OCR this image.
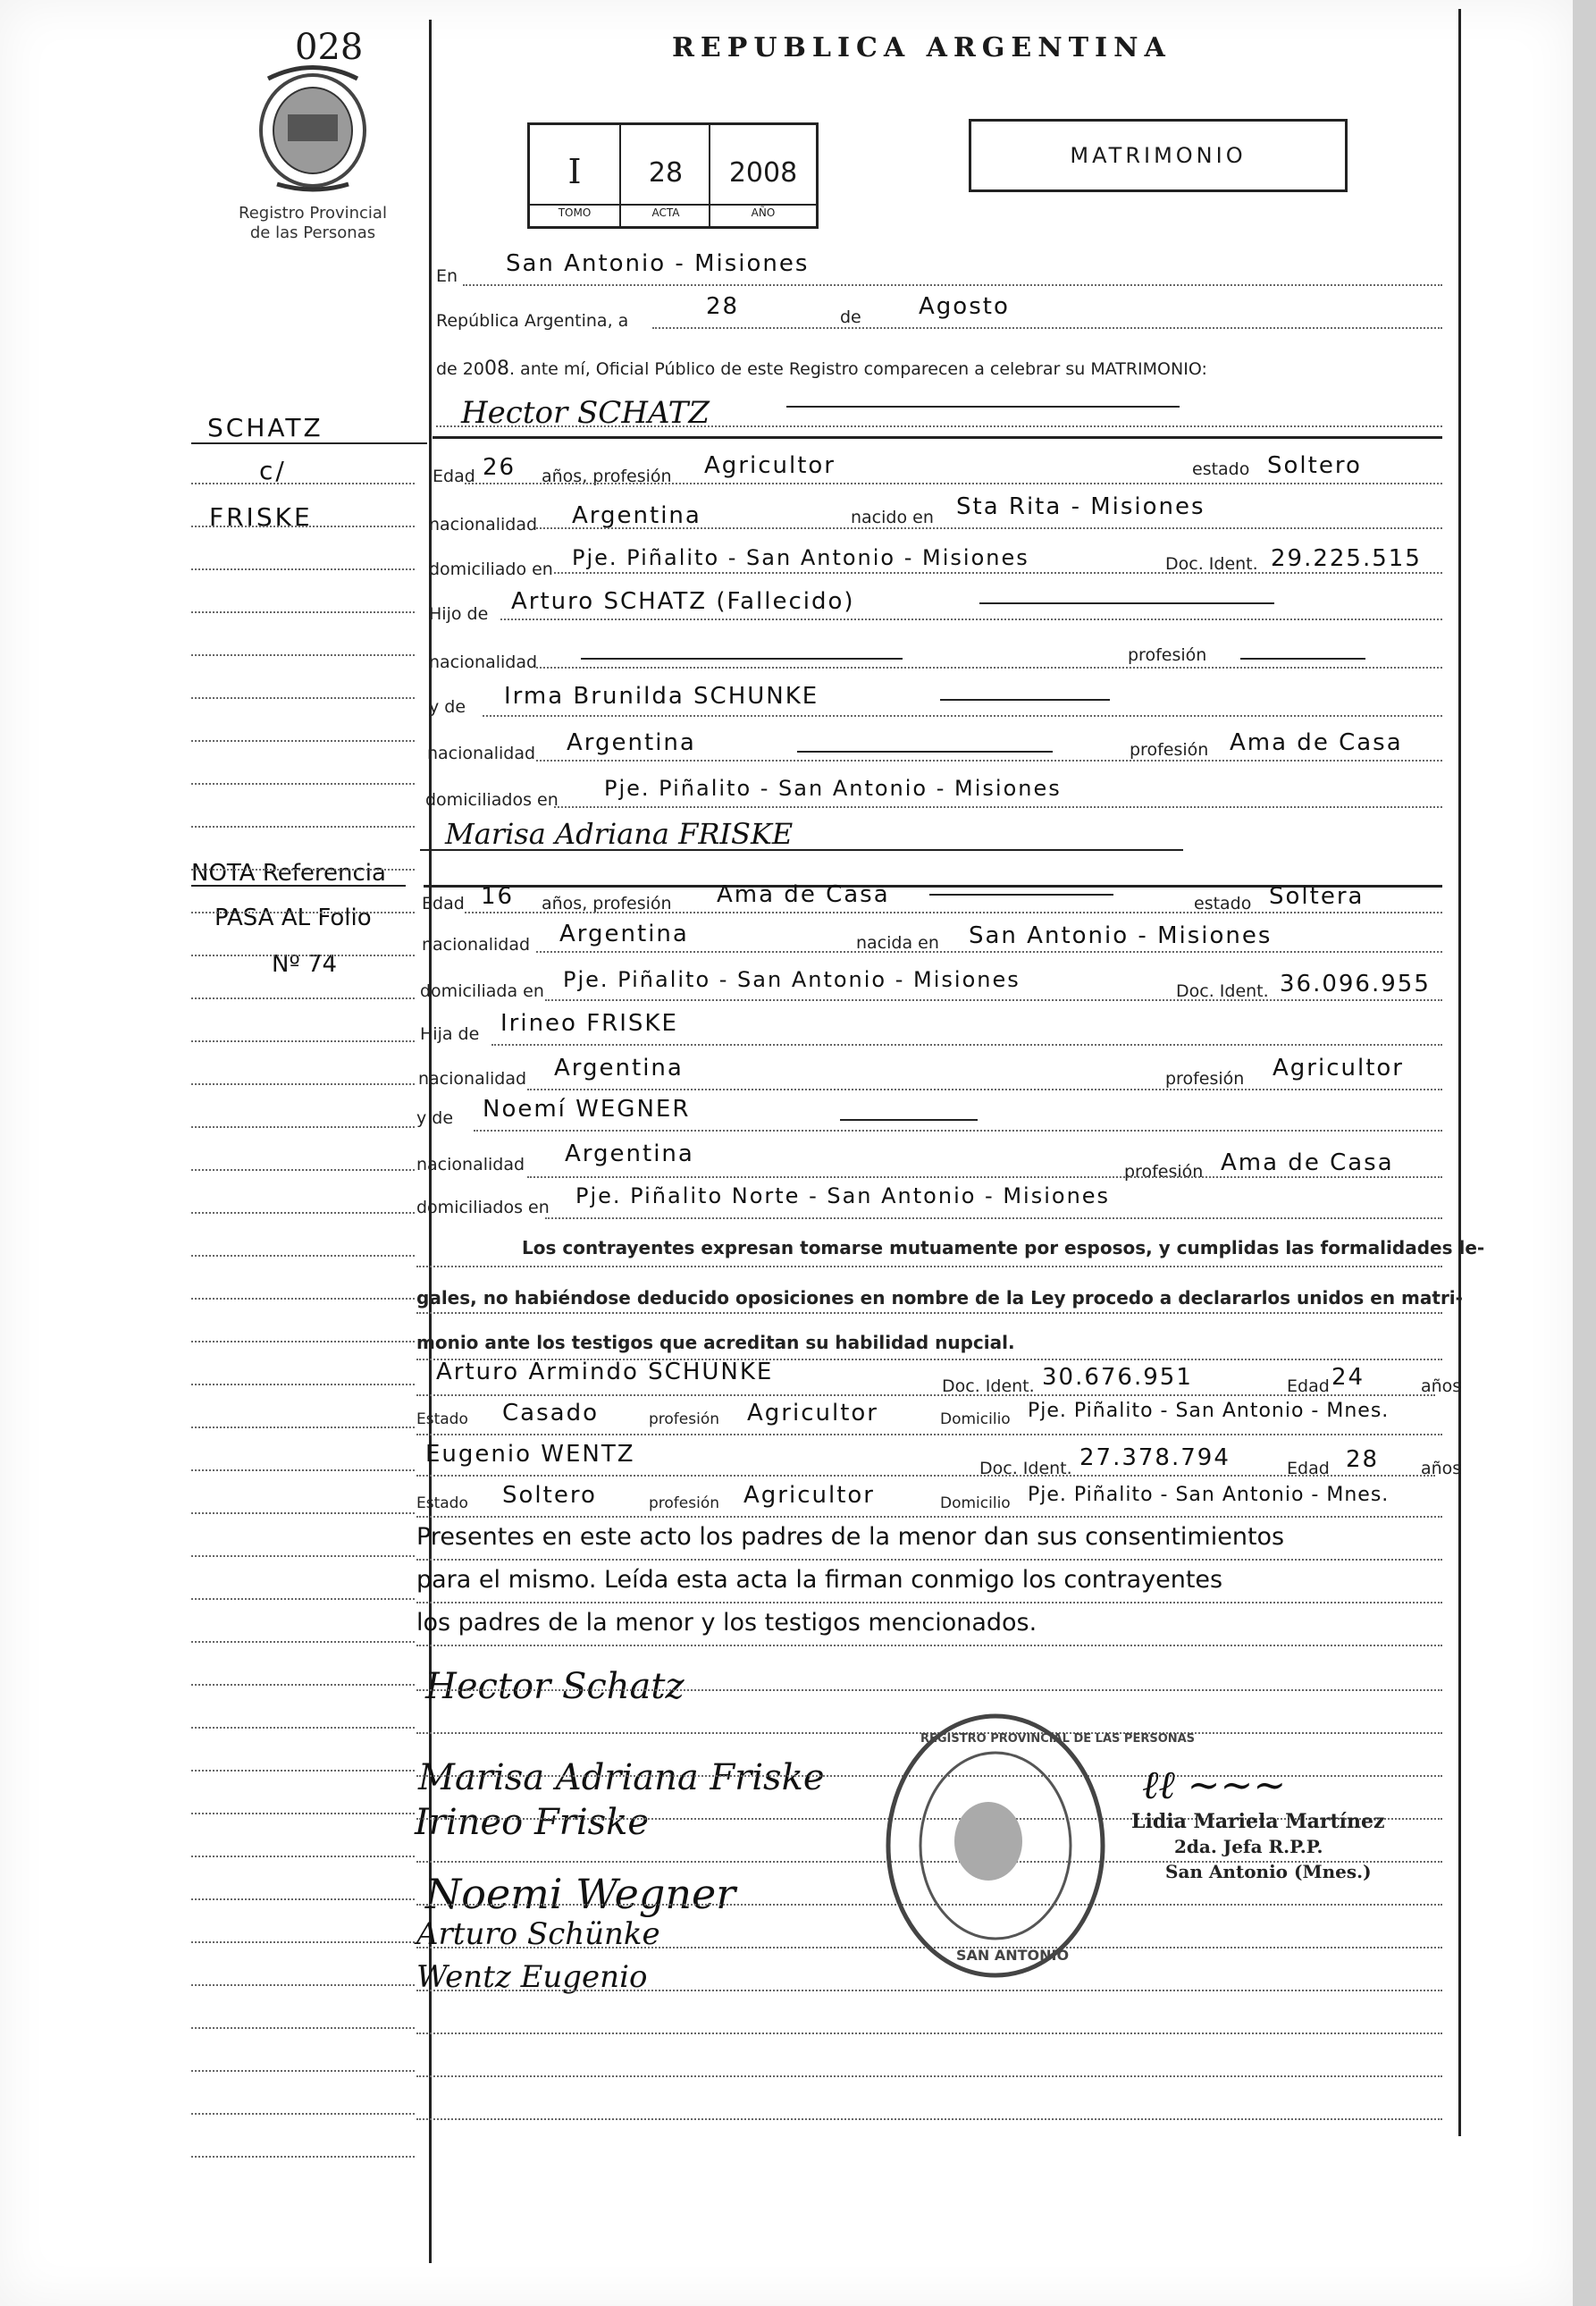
028
Registro Provincial
de las Personas
REPUBLICA ARGENTINA
I	28	2008
TOMO	ACTA	AÑO
MATRIMONIO
SCHATZ
c/
FRISKE
NOTA Referencia
PASA AL Folio
Nº 74
En San Antonio - Misiones
República Argentina, a
28	de Agosto
de 2008. ante mí, Oficial Público de este Registro comparecen a celebrar su MATRIMONIO:
Hector SCHATZ
Edad 26 años, profesión Agricultor	estado Soltero
nacionalidad Argentina	nacido en Sta Rita - Misiones
domiciliado en Pje. Piñalito - San Antonio - Misiones	Doc. Ident. 29.225.515
Hijo de Arturo SCHATZ (Fallecido)
nacionalidad	profesión
y de Irma Brunilda SCHUNKE
nacionalidad Argentina	profesión Ama de Casa
domiciliados en Pje. Piñalito - San Antonio - Misiones
Marisa Adriana FRISKE
Edad 16 años, profesión Ama de Casa	estado Soltera
nacionalidad Argentina	nacida en San Antonio - Misiones
domiciliada en Pje. Piñalito - San Antonio - Misiones	Doc. Ident. 36.096.955
Hija de Irineo FRISKE
nacionalidad Argentina	profesión Agricultor
y de Noemí WEGNER
nacionalidad Argentina
profesión Ama de Casa
domiciliados en Pje. Piñalito Norte - San Antonio - Misiones
Los contrayentes expresan tomarse mutuamente por esposos, y cumplidas las formalidades le-
gales, no habiéndose deducido oposiciones en nombre de la Ley procedo a declararlos unidos en matri-
monio ante los testigos que acreditan su habilidad nupcial.
Arturo Armindo SCHUNKE
Doc. Ident. 30.676.951	Edad 24	años
Estado Casado	profesión Agricultor	Domicilio Pje. Piñalito - San Antonio - Mnes.
Eugenio WENTZ
Doc. Ident. 27.378.794	Edad 28 años
Estado Soltero	profesión Agricultor	Domicilio Pje. Piñalito - San Antonio - Mnes.
Presentes en este acto los padres de la menor dan sus consentimientos
para el mismo. Leída esta acta la firman conmigo los contrayentes
los padres de la menor y los testigos mencionados.
Hector Schatz
Marisa Adriana Friske
Irineo Friske
Noemi Wegner
Arturo Schünke
Wentz Eugenio
REGISTRO PROVINCIAL DE LAS PERSONAS
SAN ANTONIO
ℓℓ ~~~
Lidia Mariela Martínez
2da. Jefa R.P.P.
San Antonio (Mnes.)
